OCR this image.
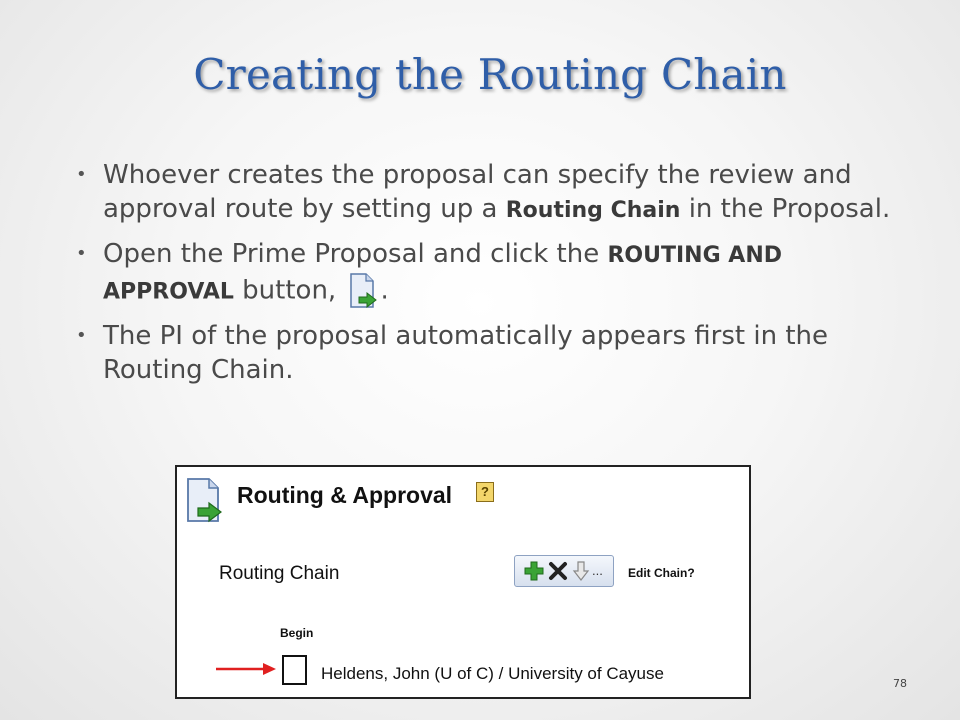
Creating the Routing Chain
• Whoever creates the proposal can specify the review and approval route by setting up a Routing Chain in the Proposal.
• Open the Prime Proposal and click the ROUTING AND APPROVAL button, .
• The PI of the proposal automatically appears first in the Routing Chain.
Routing & Approval	?
Routing Chain	... Edit Chain?
Begin
Heldens, John (U of C) / University of Cayuse
78
